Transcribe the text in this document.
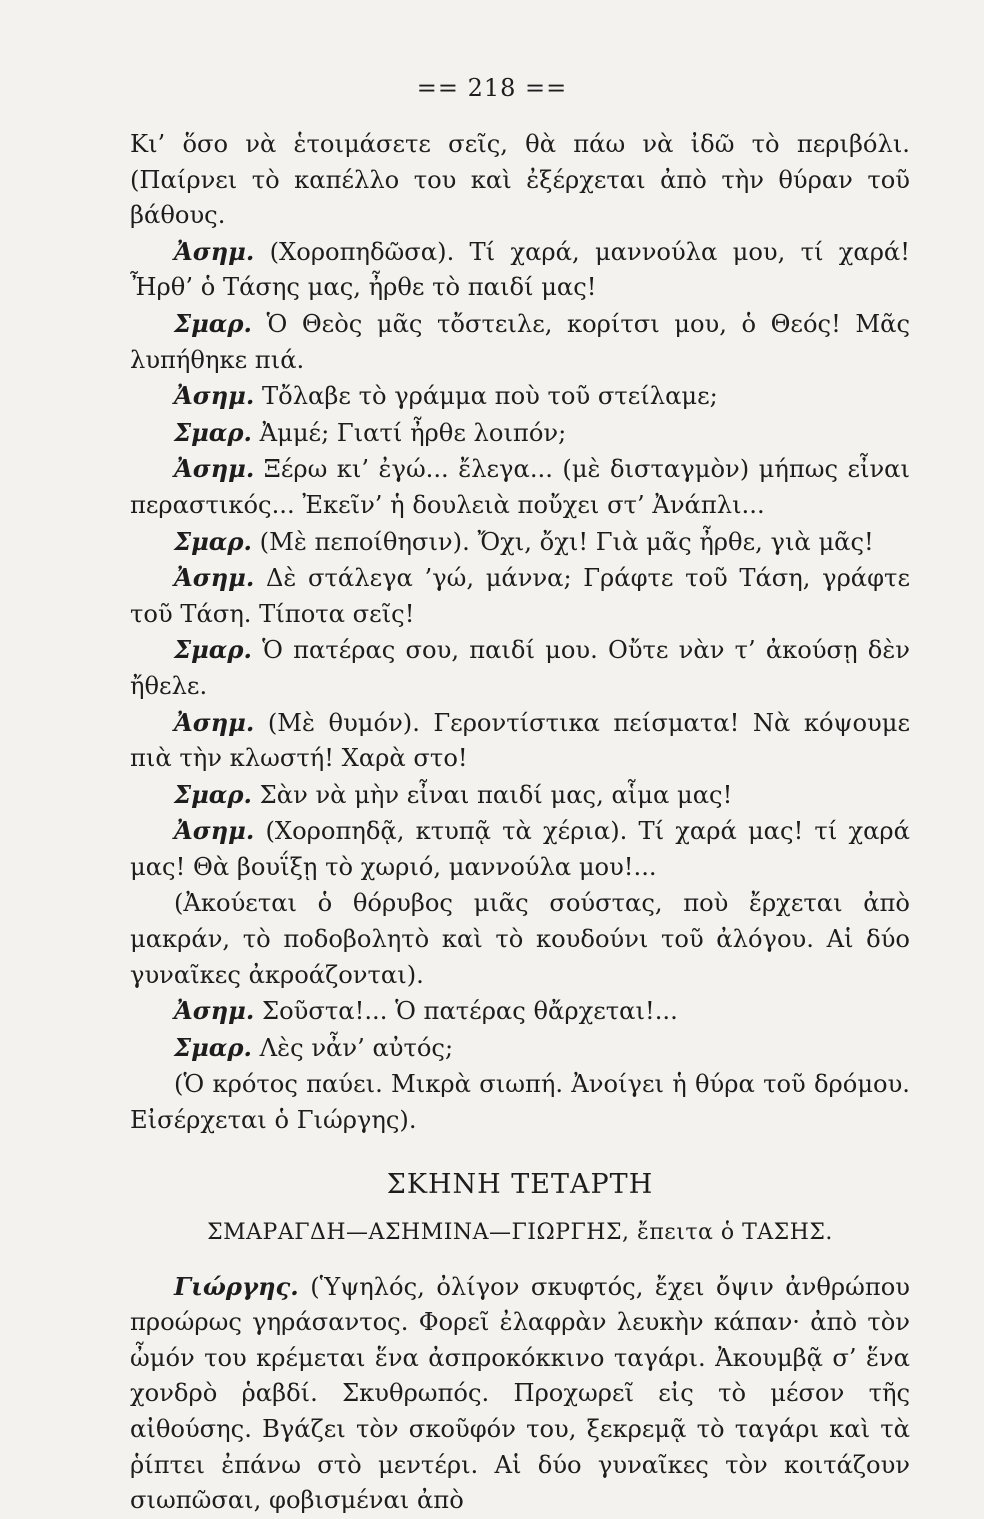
== 218 ==

Κι’ ὅσο νὰ ἑτοιμάσετε σεῖς, θὰ πάω νὰ ἰδῶ τὸ περιβόλι. (Παίρνει τὸ καπέλλο του καὶ ἐξέρχεται ἀπὸ τὴν θύραν τοῦ βάθους.

Ἀσημ. (Χοροπηδῶσα). Τί χαρά, μαννούλα μου, τί χαρά! Ἦρθ’ ὁ Τάσης μας, ἦρθε τὸ παιδί μας!

Σμαρ. Ὁ Θεὸς μᾶς τὄστειλε, κορίτσι μου, ὁ Θεός! Μᾶς λυπήθηκε πιά.

Ἀσημ. Τὄλαβε τὸ γράμμα ποὺ τοῦ στείλαμε;

Σμαρ. Ἀμμέ; Γιατί ἦρθε λοιπόν;

Ἀσημ. Ξέρω κι’ ἐγώ... ἔλεγα... (μὲ δισταγμὸν) μήπως εἶναι περαστικός... Ἐκεῖν’ ἡ δουλειὰ ποὔχει στ’ Ἀνάπλι...

Σμαρ. (Μὲ πεποίθησιν). Ὄχι, ὄχι! Γιὰ μᾶς ἦρθε, γιὰ μᾶς!

Ἀσημ. Δὲ στάλεγα ’γώ, μάννα; Γράφτε τοῦ Τάση, γράφτε τοῦ Τάση. Τίποτα σεῖς!

Σμαρ. Ὁ πατέρας σου, παιδί μου. Οὔτε νὰν τ’ ἀκούσῃ δὲν ἤθελε.

Ἀσημ. (Μὲ θυμόν). Γεροντίστικα πείσματα! Νὰ κόψουμε πιὰ τὴν κλωστή! Χαρὰ στο!

Σμαρ. Σὰν νὰ μὴν εἶναι παιδί μας, αἷμα μας!

Ἀσημ. (Χοροπηδᾷ, κτυπᾷ τὰ χέρια). Τί χαρά μας! τί χαρά μας! Θὰ βουΐξῃ τὸ χωριό, μαννούλα μου!...

(Ἀκούεται ὁ θόρυβος μιᾶς σούστας, ποὺ ἔρχεται ἀπὸ μακράν, τὸ ποδοβολητὸ καὶ τὸ κουδούνι τοῦ ἀλόγου. Αἱ δύο γυναῖκες ἀκροάζονται).

Ἀσημ. Σοῦστα!... Ὁ πατέρας θἄρχεται!...

Σμαρ. Λὲς νἆν’ αὐτός;

(Ὁ κρότος παύει. Μικρὰ σιωπή. Ἀνοίγει ἡ θύρα τοῦ δρόμου. Εἰσέρχεται ὁ Γιώργης).

ΣΚΗΝΗ ΤΕΤΑΡΤΗ
ΣΜΑΡΑΓΔΗ—ΑΣΗΜΙΝΑ—ΓΙΩΡΓΗΣ, ἔπειτα ὁ ΤΑΣΗΣ.

Γιώργης. (Ὑψηλός, ὀλίγον σκυφτός, ἔχει ὄψιν ἀνθρώπου προώρως γηράσαντος. Φορεῖ ἐλαφρὰν λευκὴν κάπαν· ἀπὸ τὸν ὦμόν του κρέμεται ἕνα ἀσπροκόκκινο ταγάρι. Ἀκουμβᾷ σ’ ἕνα χονδρὸ ῥαβδί. Σκυθρωπός. Προχωρεῖ εἰς τὸ μέσον τῆς αἰθούσης. Βγάζει τὸν σκοῦφόν του, ξεκρεμᾷ τὸ ταγάρι καὶ τὰ ῥίπτει ἐπάνω στὸ μεντέρι. Αἱ δύο γυναῖκες τὸν κοιτάζουν σιωπῶσαι, φοβισμέναι ἀπὸ
